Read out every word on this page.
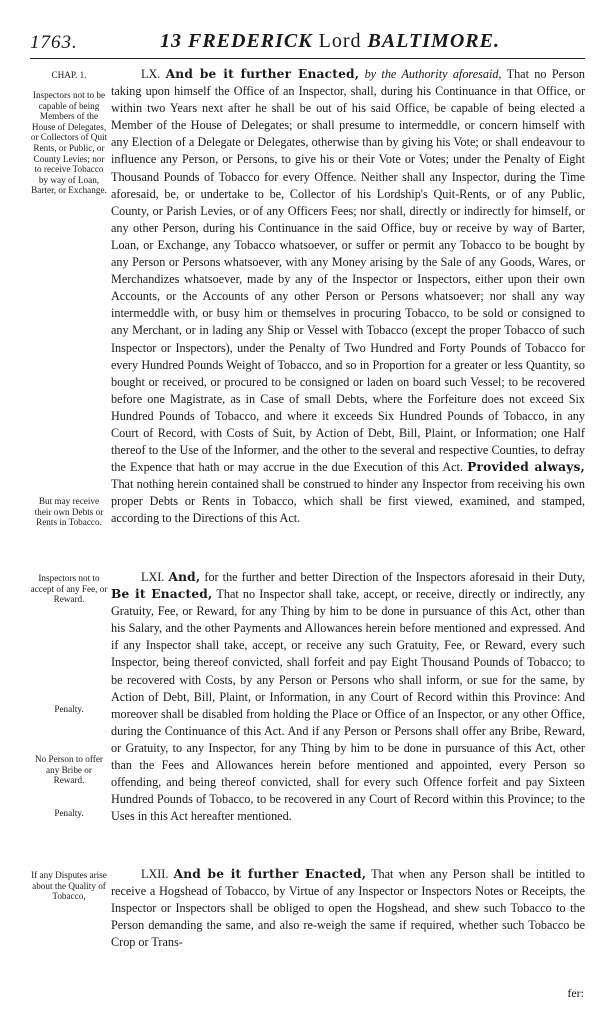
1763.	13 FREDERICK Lord BALTIMORE.
CHAP. 1.
Inspectors not to be capable of being Members of the House of Delegates, or Collectors of Quit Rents, or Public, or County Levies; nor to receive Tobacco by way of Loan, Barter, or Exchange.
But may receive their own Debts or Rents in Tobacco.
Inspectors not to accept of any Fee, or Reward.
Penalty.
No Person to offer any Bribe or Reward.
Penalty.
If any Disputes arise about the Quality of Tobacco,

LX. And be it further Enacted, by the Authority aforesaid, That no Person taking upon himself the Office of an Inspector, shall, during his Continuance in that Office, or within two Years next after he shall be out of his said Office, be capable of being elected a Member of the House of Delegates; or shall presume to intermeddle, or concern himself with any Election of a Delegate or Delegates, otherwise than by giving his Vote; or shall endeavour to influence any Person, or Persons, to give his or their Vote or Votes; under the Penalty of Eight Thousand Pounds of Tobacco for every Offence. Neither shall any Inspector, during the Time aforesaid, be, or undertake to be, Collector of his Lordship's Quit-Rents, or of any Public, County, or Parish Levies, or of any Officers Fees; nor shall, directly or indirectly for himself, or any other Person, during his Continuance in the said Office, buy or receive by way of Barter, Loan, or Exchange, any Tobacco whatsoever, or suffer or permit any Tobacco to be bought by any Person or Persons whatsoever, with any Money arising by the Sale of any Goods, Wares, or Merchandizes whatsoever, made by any of the Inspector or Inspectors, either upon their own Accounts, or the Accounts of any other Person or Persons whatsoever; nor shall any way intermeddle with, or busy him or themselves in procuring Tobacco, to be sold or consigned to any Merchant, or in lading any Ship or Vessel with Tobacco (except the proper Tobacco of such Inspector or Inspectors), under the Penalty of Two Hundred and Forty Pounds of Tobacco for every Hundred Pounds Weight of Tobacco, and so in Proportion for a greater or less Quantity, so bought or received, or procured to be consigned or laden on board such Vessel; to be recovered before one Magistrate, as in Case of small Debts, where the Forfeiture does not exceed Six Hundred Pounds of Tobacco, and where it exceeds Six Hundred Pounds of Tobacco, in any Court of Record, with Costs of Suit, by Action of Debt, Bill, Plaint, or Information; one Half thereof to the Use of the Informer, and the other to the several and respective Counties, to defray the Expence that hath or may accrue in the due Execution of this Act. Provided always, That nothing herein contained shall be construed to hinder any Inspector from receiving his own proper Debts or Rents in Tobacco, which shall be first viewed, examined, and stamped, according to the Directions of this Act.

LXI. And, for the further and better Direction of the Inspectors aforesaid in their Duty, Be it Enacted, That no Inspector shall take, accept, or receive, directly or indirectly, any Gratuity, Fee, or Reward, for any Thing by him to be done in pursuance of this Act, other than his Salary, and the other Payments and Allowances herein before mentioned and expressed. And if any Inspector shall take, accept, or receive any such Gratuity, Fee, or Reward, every such Inspector, being thereof convicted, shall forfeit and pay Eight Thousand Pounds of Tobacco; to be recovered with Costs, by any Person or Persons who shall inform, or sue for the same, by Action of Debt, Bill, Plaint, or Information, in any Court of Record within this Province: And moreover shall be disabled from holding the Place or Office of an Inspector, or any other Office, during the Continuance of this Act. And if any Person or Persons shall offer any Bribe, Reward, or Gratuity, to any Inspector, for any Thing by him to be done in pursuance of this Act, other than the Fees and Allowances herein before mentioned and appointed, every Person so offending, and being thereof convicted, shall for every such Offence forfeit and pay Sixteen Hundred Pounds of Tobacco, to be recovered in any Court of Record within this Province; to the Uses in this Act hereafter mentioned.

LXII. And be it further Enacted, That when any Person shall be intitled to receive a Hogshead of Tobacco, by Virtue of any Inspector or Inspectors Notes or Receipts, the Inspector or Inspectors shall be obliged to open the Hogshead, and shew such Tobacco to the Person demanding the same, and also re-weigh the same if required, whether such Tobacco be Crop or Trans-

fer:
